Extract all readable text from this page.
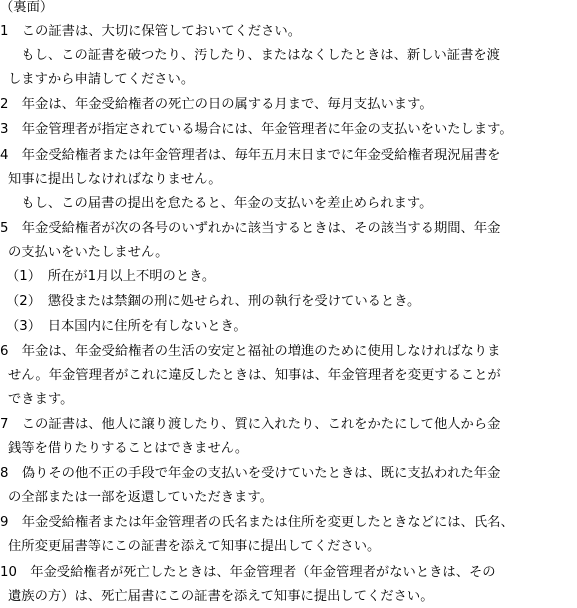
（裏面）
1　この証書は、大切に保管しておいてください。
　もし、この証書を破つたり、汚したり、またはなくしたときは、新しい証書を渡
しますから申請してください。
2　年金は、年金受給権者の死亡の日の属する月まで、毎月支払います。
3　年金管理者が指定されている場合には、年金管理者に年金の支払いをいたします。
4　年金受給権者または年金管理者は、毎年五月末日までに年金受給権者現況届書を
知事に提出しなければなりません。
　もし、この届書の提出を怠たると、年金の支払いを差止められます。
5　年金受給権者が次の各号のいずれかに該当するときは、その該当する期間、年金
の支払いをいたしません。
（1）　所在が1月以上不明のとき。
（2）　懲役または禁錮の刑に処せられ、刑の執行を受けているとき。
（3）　日本国内に住所を有しないとき。
6　年金は、年金受給権者の生活の安定と福祉の増進のために使用しなければなりま
せん。年金管理者がこれに違反したときは、知事は、年金管理者を変更することが
できます。
7　この証書は、他人に譲り渡したり、質に入れたり、これをかたにして他人から金
銭等を借りたりすることはできません。
8　偽りその他不正の手段で年金の支払いを受けていたときは、既に支払われた年金
の全部または一部を返還していただきます。
9　年金受給権者または年金管理者の氏名または住所を変更したときなどには、氏名、
住所変更届書等にこの証書を添えて知事に提出してください。
10　年金受給権者が死亡したときは、年金管理者（年金管理者がないときは、その
遺族の方）は、死亡届書にこの証書を添えて知事に提出してください。
